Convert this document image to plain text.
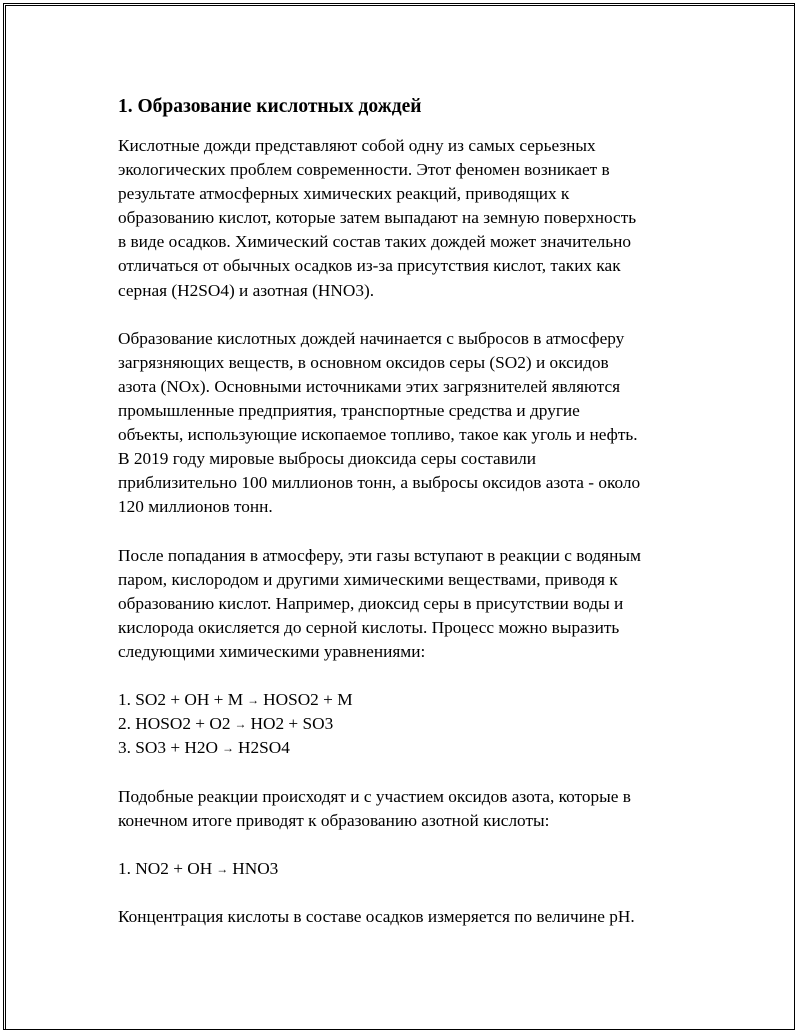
1. Образование кислотных дождей

Кислотные дожди представляют собой одну из самых серьезных
экологических проблем современности. Этот феномен возникает в
результате атмосферных химических реакций, приводящих к
образованию кислот, которые затем выпадают на земную поверхность
в виде осадков. Химический состав таких дождей может значительно
отличаться от обычных осадков из-за присутствия кислот, таких как
серная (H2SO4) и азотная (HNO3).

Образование кислотных дождей начинается с выбросов в атмосферу
загрязняющих веществ, в основном оксидов серы (SO2) и оксидов
азота (NOx). Основными источниками этих загрязнителей являются
промышленные предприятия, транспортные средства и другие
объекты, использующие ископаемое топливо, такое как уголь и нефть.
В 2019 году мировые выбросы диоксида серы составили
приблизительно 100 миллионов тонн, а выбросы оксидов азота - около
120 миллионов тонн.

После попадания в атмосферу, эти газы вступают в реакции с водяным
паром, кислородом и другими химическими веществами, приводя к
образованию кислот. Например, диоксид серы в присутствии воды и
кислорода окисляется до серной кислоты. Процесс можно выразить
следующими химическими уравнениями:

1. SO2 + OH + M → HOSO2 + M
2. HOSO2 + O2 → HO2 + SO3
3. SO3 + H2O → H2SO4

Подобные реакции происходят и с участием оксидов азота, которые в
конечном итоге приводят к образованию азотной кислоты:

1. NO2 + OH → HNO3

Концентрация кислоты в составе осадков измеряется по величине pH.
